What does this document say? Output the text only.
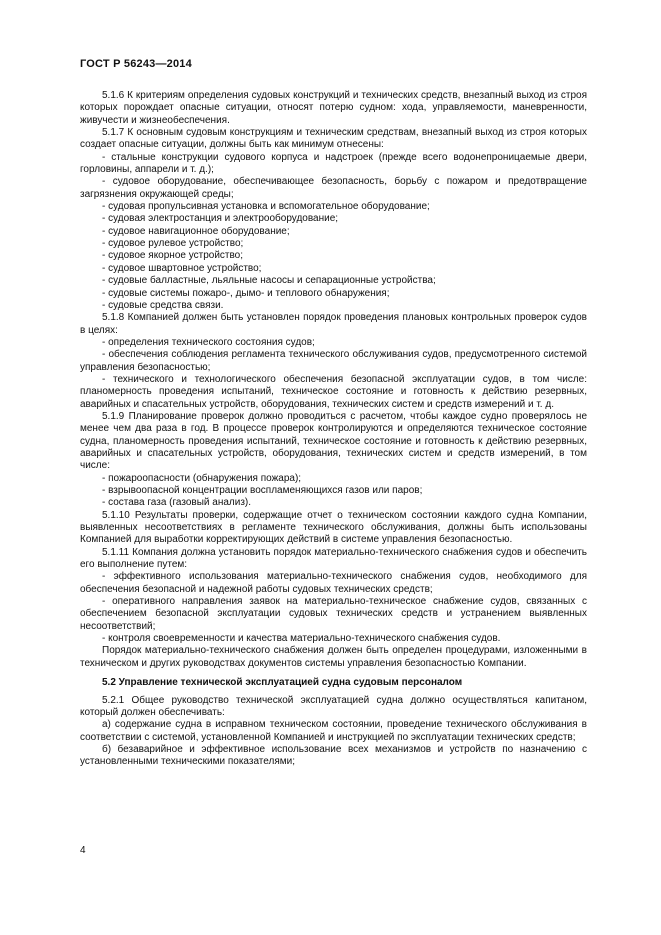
ГОСТ Р 56243—2014

5.1.6 К критериям определения судовых конструкций и технических средств, внезапный выход из строя которых порождает опасные ситуации, относят потерю судном: хода, управляемости, маневренности, живучести и жизнеобеспечения.

5.1.7 К основным судовым конструкциям и техническим средствам, внезапный выход из строя которых создает опасные ситуации, должны быть как минимум отнесены:

- стальные конструкции судового корпуса и надстроек (прежде всего водонепроницаемые двери, горловины, аппарели и т. д.);

- судовое оборудование, обеспечивающее безопасность, борьбу с пожаром и предотвращение загрязнения окружающей среды;

- судовая пропульсивная установка и вспомогательное оборудование;

- судовая электростанция и электрооборудование;

- судовое навигационное оборудование;

- судовое рулевое устройство;

- судовое якорное устройство;

- судовое швартовное устройство;

- судовые балластные, льяльные насосы и сепарационные устройства;

- судовые системы пожаро-, дымо- и теплового обнаружения;

- судовые средства связи.

5.1.8 Компанией должен быть установлен порядок проведения плановых контрольных проверок судов в целях:

- определения технического состояния судов;

- обеспечения соблюдения регламента технического обслуживания судов, предусмотренного системой управления безопасностью;

- технического и технологического обеспечения безопасной эксплуатации судов, в том числе: планомерность проведения испытаний, техническое состояние и готовность к действию резервных, аварийных и спасательных устройств, оборудования, технических систем и средств измерений и т. д.

5.1.9 Планирование проверок должно проводиться с расчетом, чтобы каждое судно проверялось не менее чем два раза в год. В процессе проверок контролируются и определяются техническое состояние судна, планомерность проведения испытаний, техническое состояние и готовность к действию резервных, аварийных и спасательных устройств, оборудования, технических систем и средств измерений, в том числе:

- пожароопасности (обнаружения пожара);

- взрывоопасной концентрации воспламеняющихся газов или паров;

- состава газа (газовый анализ).

5.1.10 Результаты проверки, содержащие отчет о техническом состоянии каждого судна Компании, выявленных несоответствиях в регламенте технического обслуживания, должны быть использованы Компанией для выработки корректирующих действий в системе управления безопасностью.

5.1.11 Компания должна установить порядок материально-технического снабжения судов и обеспечить его выполнение путем:

- эффективного использования материально-технического снабжения судов, необходимого для обеспечения безопасной и надежной работы судовых технических средств;

- оперативного направления заявок на материально-техническое снабжение судов, связанных с обеспечением безопасной эксплуатации судовых технических средств и устранением выявленных несоответствий;

- контроля своевременности и качества материально-технического снабжения судов.

Порядок материально-технического снабжения должен быть определен процедурами, изложенными в техническом и других руководствах документов системы управления безопасностью Компании.

5.2 Управление технической эксплуатацией судна судовым персоналом

5.2.1 Общее руководство технической эксплуатацией судна должно осуществляться капитаном, который должен обеспечивать:

а) содержание судна в исправном техническом состоянии, проведение технического обслуживания в соответствии с системой, установленной Компанией и инструкцией по эксплуатации технических средств;

б) безаварийное и эффективное использование всех механизмов и устройств по назначению с установленными техническими показателями;

4
